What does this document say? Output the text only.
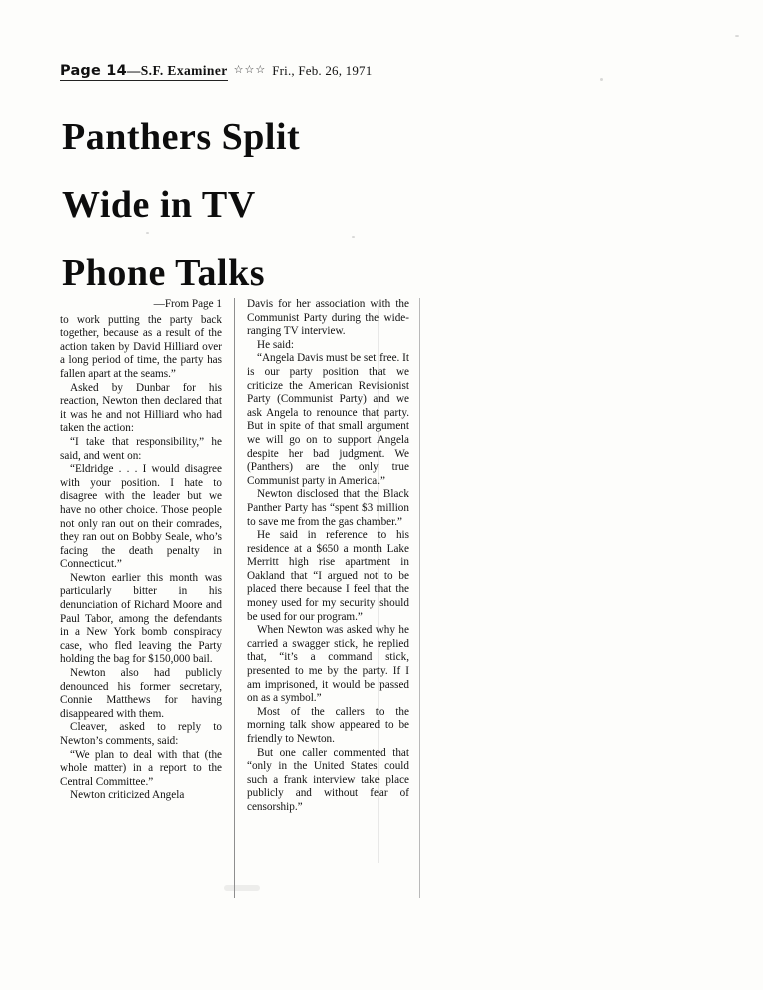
Page 14—S.F. Examiner ☆☆☆ Fri., Feb. 26, 1971
Panthers Split
Wide in TV
Phone Talks

—From Page 1

to work putting the party back together, because as a result of the action taken by David Hilliard over a long period of time, the party has fallen apart at the seams.”

Asked by Dunbar for his reaction, Newton then declared that it was he and not Hilliard who had taken the action:

“I take that responsibility,” he said, and went on:

“Eldridge . . . I would disagree with your position. I hate to disagree with the leader but we have no other choice. Those people not only ran out on their comrades, they ran out on Bobby Seale, who’s facing the death penalty in Connecticut.”

Newton earlier this month was particularly bitter in his denunciation of Richard Moore and Paul Tabor, among the defendants in a New York bomb conspiracy case, who fled leaving the Party holding the bag for $150,000 bail.

Newton also had publicly denounced his former secretary, Connie Matthews for having disappeared with them.

Cleaver, asked to reply to Newton’s comments, said:

“We plan to deal with that (the whole matter) in a report to the Central Committee.”

Newton criticized Angela

Davis for her association with the Communist Party during the wide-ranging TV interview.

He said:

“Angela Davis must be set free. It is our party position that we criticize the American Revisionist Party (Communist Party) and we ask Angela to renounce that party. But in spite of that small argument we will go on to support Angela despite her bad judgment. We (Panthers) are the only true Communist party in America.”

Newton disclosed that the Black Panther Party has “spent $3 million to save me from the gas chamber.”

He said in reference to his residence at a $650 a month Lake Merritt high rise apartment in Oakland that “I argued not to be placed there because I feel that the money used for my security should be used for our program.”

When Newton was asked why he carried a swagger stick, he replied that, “it’s a command stick, presented to me by the party. If I am imprisoned, it would be passed on as a symbol.”

Most of the callers to the morning talk show appeared to be friendly to Newton.

But one caller commented that “only in the United States could such a frank interview take place publicly and without fear of censorship.”
